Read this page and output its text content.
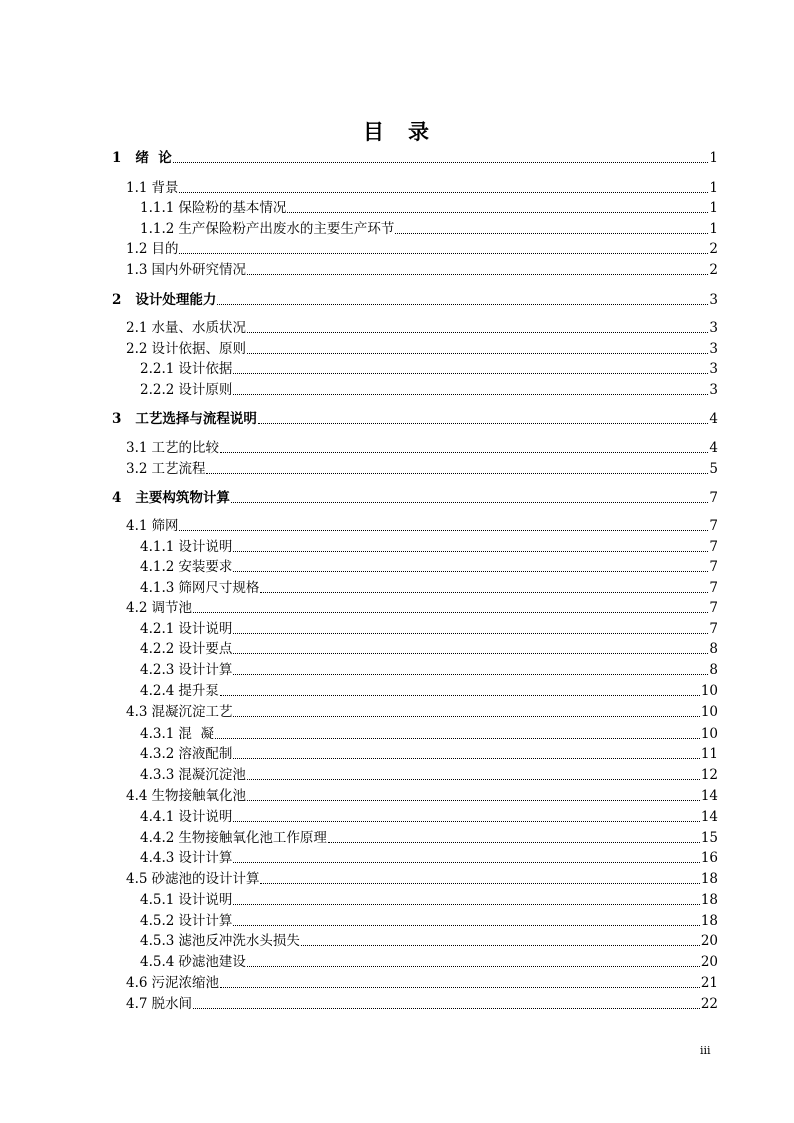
目 录
1 绪  论	1
1.1 背景	1
1.1.1 保险粉的基本情况	1
1.1.2 生产保险粉产出废水的主要生产环节	1
1.2 目的	2
1.3 国内外研究情况	2
2 设计处理能力	3
2.1 水量、水质状况	3
2.2 设计依据、原则	3
2.2.1 设计依据	3
2.2.2 设计原则	3
3 工艺选择与流程说明	4
3.1 工艺的比较	4
3.2 工艺流程	5
4 主要构筑物计算	7
4.1 筛网	7
4.1.1 设计说明	7
4.1.2 安装要求	7
4.1.3 筛网尺寸规格	7
4.2 调节池	7
4.2.1 设计说明	7
4.2.2 设计要点	8
4.2.3 设计计算	8
4.2.4 提升泵	10
4.3 混凝沉淀工艺	10
4.3.1 混  凝	10
4.3.2 溶液配制	11
4.3.3 混凝沉淀池	12
4.4 生物接触氧化池	14
4.4.1 设计说明	14
4.4.2 生物接触氧化池工作原理	15
4.4.3 设计计算	16
4.5 砂滤池的设计计算	18
4.5.1 设计说明	18
4.5.2 设计计算	18
4.5.3 滤池反冲洗水头损失	20
4.5.4 砂滤池建设	20
4.6 污泥浓缩池	21
4.7 脱水间	22
iii
